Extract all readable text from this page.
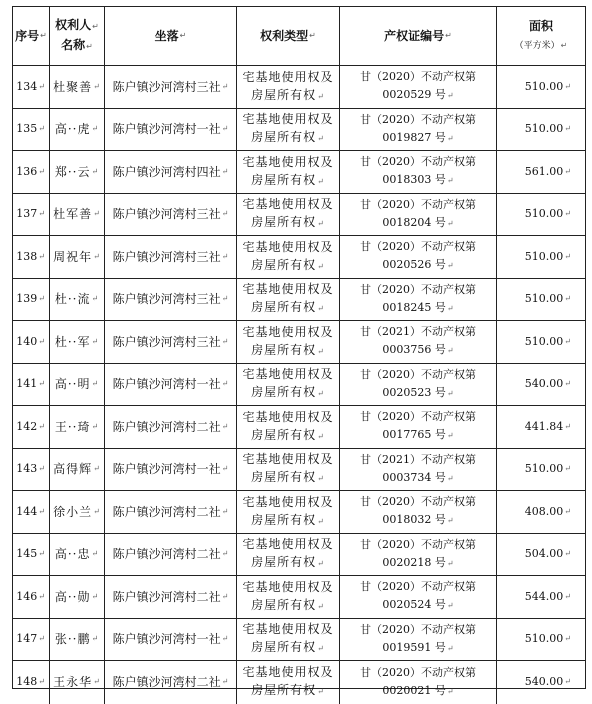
序号 ↵
权利人↵
名称↵
坐落 ↵	权利类型 ↵	产权证编号 ↵
面积
（平方米）↵
134 ↵ 杜聚善 ↵ 陈户镇沙河湾村三社 ↵
宅基地使用权及
房屋所有权↵
甘（2020）不动产权第
0020529 号↵
510.00 ↵
135 ↵ 高··虎 ↵ 陈户镇沙河湾村一社 ↵
宅基地使用权及
房屋所有权↵
甘（2020）不动产权第
0019827 号↵
510.00 ↵
136 ↵ 郑··云 ↵ 陈户镇沙河湾村四社 ↵
宅基地使用权及
房屋所有权↵
甘（2020）不动产权第
0018303 号↵
561.00 ↵
137 ↵ 杜军善 ↵ 陈户镇沙河湾村三社 ↵
宅基地使用权及
房屋所有权↵
甘（2020）不动产权第
0018204 号↵
510.00 ↵
138 ↵ 周祝年 ↵ 陈户镇沙河湾村三社 ↵
宅基地使用权及
房屋所有权↵
甘（2020）不动产权第
0020526 号↵
510.00 ↵
139 ↵ 杜··流 ↵ 陈户镇沙河湾村三社 ↵
宅基地使用权及
房屋所有权↵
甘（2020）不动产权第
0018245 号↵
510.00 ↵
140 ↵ 杜··军 ↵ 陈户镇沙河湾村三社 ↵
宅基地使用权及
房屋所有权↵
甘（2021）不动产权第
0003756 号↵
510.00 ↵
141 ↵ 高··明 ↵ 陈户镇沙河湾村一社 ↵
宅基地使用权及
房屋所有权↵
甘（2020）不动产权第
0020523 号↵
540.00 ↵
142 ↵ 王··琦 ↵ 陈户镇沙河湾村二社 ↵
宅基地使用权及
房屋所有权↵
甘（2020）不动产权第
0017765 号↵
441.84 ↵
143 ↵ 高得辉 ↵ 陈户镇沙河湾村一社 ↵
宅基地使用权及
房屋所有权↵
甘（2021）不动产权第
0003734 号↵
510.00 ↵
144 ↵ 徐小兰 ↵ 陈户镇沙河湾村二社 ↵
宅基地使用权及
房屋所有权↵
甘（2020）不动产权第
0018032 号↵
408.00 ↵
145 ↵ 高··忠 ↵ 陈户镇沙河湾村二社 ↵
宅基地使用权及
房屋所有权↵
甘（2020）不动产权第
0020218 号↵
504.00 ↵
146 ↵ 高··勋 ↵ 陈户镇沙河湾村二社 ↵
宅基地使用权及
房屋所有权↵
甘（2020）不动产权第
0020524 号↵
544.00 ↵
147 ↵ 张··鹏 ↵ 陈户镇沙河湾村一社 ↵
宅基地使用权及
房屋所有权↵
甘（2020）不动产权第
0019591 号↵
510.00 ↵
148 ↵ 王永华 ↵ 陈户镇沙河湾村二社 ↵
宅基地使用权及
房屋所有权↵
甘（2020）不动产权第
0020021 号↵
540.00 ↵
